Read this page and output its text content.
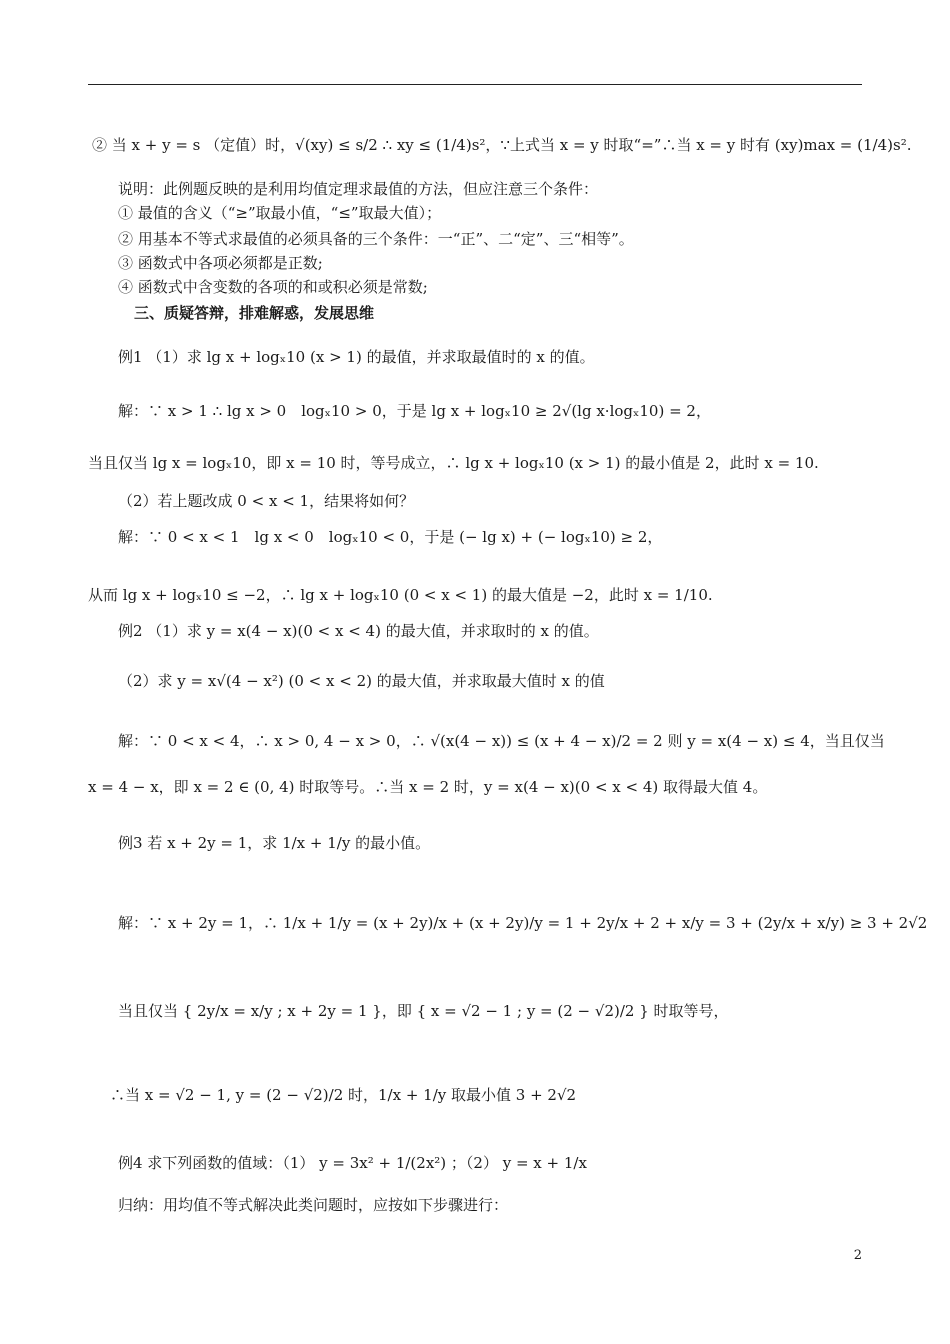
② 当 x + y = s （定值）时，√(xy) ≤ s/2 ∴ xy ≤ (1/4)s²，∵上式当 x = y 时取“=”∴当 x = y 时有 (xy)max = (1/4)s².
说明：此例题反映的是利用均值定理求最值的方法，但应注意三个条件：
① 最值的含义（“≥”取最小值，“≤”取最大值）；
② 用基本不等式求最值的必须具备的三个条件：一“正”、二“定”、三“相等”。
③ 函数式中各项必须都是正数;
④ 函数式中含变数的各项的和或积必须是常数;
三、质疑答辩，排难解惑，发展思维
例1 （1）求 lg x + logₓ10 (x > 1) 的最值，并求取最值时的 x 的值。
解：∵ x > 1 ∴ lg x > 0　logₓ10 > 0，于是 lg x + logₓ10 ≥ 2√(lg x·logₓ10) = 2，
当且仅当 lg x = logₓ10，即 x = 10 时，等号成立，∴ lg x + logₓ10 (x > 1) 的最小值是 2，此时 x = 10.
（2）若上题改成 0 < x < 1，结果将如何？
解：∵ 0 < x < 1　lg x < 0　logₓ10 < 0，于是 (− lg x) + (− logₓ10) ≥ 2，
从而 lg x + logₓ10 ≤ −2，∴ lg x + logₓ10 (0 < x < 1) 的最大值是 −2，此时 x = 1/10.
例2 （1）求 y = x(4 − x)(0 < x < 4) 的最大值，并求取时的 x 的值。
（2）求 y = x√(4 − x²) (0 < x < 2) 的最大值，并求取最大值时 x 的值
解：∵ 0 < x < 4，∴ x > 0, 4 − x > 0，∴ √(x(4 − x)) ≤ (x + 4 − x)/2 = 2 则 y = x(4 − x) ≤ 4，当且仅当
x = 4 − x，即 x = 2 ∈ (0, 4) 时取等号。∴当 x = 2 时，y = x(4 − x)(0 < x < 4) 取得最大值 4。
例3 若 x + 2y = 1，求 1/x + 1/y 的最小值。
解：∵ x + 2y = 1，∴ 1/x + 1/y = (x + 2y)/x + (x + 2y)/y = 1 + 2y/x + 2 + x/y = 3 + (2y/x + x/y) ≥ 3 + 2√2
当且仅当 { 2y/x = x/y ; x + 2y = 1 }，即 { x = √2 − 1 ; y = (2 − √2)/2 } 时取等号，
∴当 x = √2 − 1, y = (2 − √2)/2 时，1/x + 1/y 取最小值 3 + 2√2
例4 求下列函数的值域：（1） y = 3x² + 1/(2x²) ；（2） y = x + 1/x
归纳：用均值不等式解决此类问题时，应按如下步骤进行：
2
